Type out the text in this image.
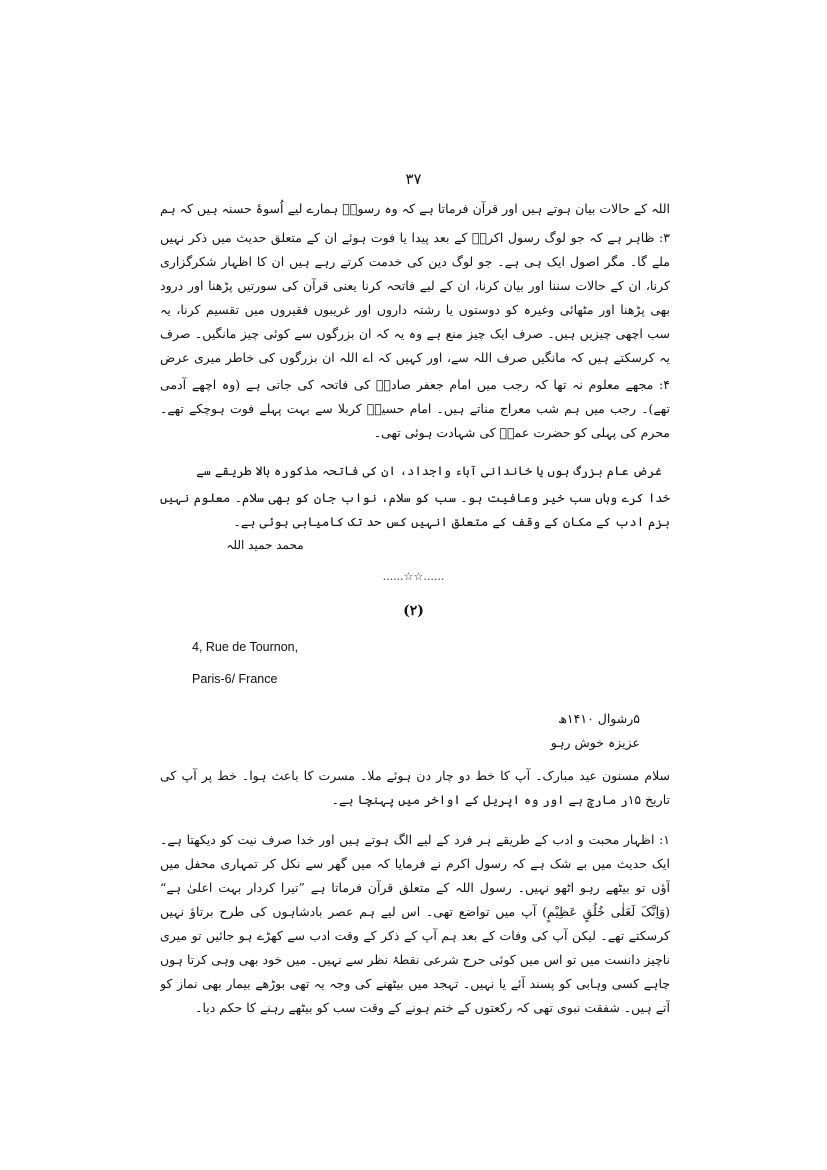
۳۷
اللہ کے حالات بیان ہوتے ہیں اور قرآن فرماتا ہے کہ وہ رسولؐ ہمارے لیے اُسوۂ حسنہ ہیں کہ ہم
۳: ظاہر ہے کہ جو لوگ رسول اکرمؐ کے بعد پیدا یا فوت ہوئے ان کے متعلق حدیث میں ذکر نہیں ملے گا۔ مگر اصول ایک ہی ہے۔ جو لوگ دین کی خدمت کرتے رہے ہیں ان کا اظہار شکرگزاری کرنا، ان کے حالات سننا اور بیان کرنا، ان کے لیے فاتحہ کرنا یعنی قرآن کی سورتیں پڑھنا اور درود بھی پڑھنا اور مٹھائی وغیرہ کو دوستوں یا رشتہ داروں اور غریبوں فقیروں میں تقسیم کرنا، یہ سب اچھی چیزیں ہیں۔ صرف ایک چیز منع ہے وہ یہ کہ ان بزرگوں سے کوئی چیز مانگیں۔ صرف یہ کرسکتے ہیں کہ مانگیں صرف اللہ سے، اور کہیں کہ اے اللہ ان بزرگوں کی خاطر میری عرض
۴: مجھے معلوم نہ تھا کہ رجب میں امام جعفر صادقؒ کی فاتحہ کی جاتی ہے (وہ اچھے آدمی تھے)۔ رجب میں ہم شب معراج مناتے ہیں۔ امام حسینؓ کربلا سے بہت پہلے فوت ہوچکے تھے۔ محرم کی پہلی کو حضرت عمرؓ کی شہادت ہوئی تھی۔
غرض عام بزرگ ہوں یا خاندانی آباء واجداد، ان کی فاتحہ مذکورہ بالا طریقے سے
خدا کرے وہاں سب خیر وعافیت ہو۔ سب کو سلام، نواب جان کو بھی سلام۔ معلوم نہیں بزم ادب کے مکان کے وقف کے متعلق انہیں کس حد تک کامیابی ہوئی ہے۔
محمد حمید اللہ
......☆☆......
(۲)
4, Rue de Tournon,
Paris-6/ France
۵رشوال ۱۴۱۰ھ
عزیزہ خوش رہو
سلام مسنون عید مبارک۔ آپ کا خط دو چار دن ہوئے ملا۔ مسرت کا باعث ہوا۔ خط پر آپ کی تاریخ ۱۵ر مارچ ہے اور وہ اپریل کے اواخر میں پہنچا ہے۔
۱: اظہار محبت و ادب کے طریقے ہر فرد کے لیے الگ ہوتے ہیں اور خدا صرف نیت کو دیکھتا ہے۔ ایک حدیث میں بے شک ہے کہ رسول اکرم نے فرمایا کہ میں گھر سے نکل کر تمہاری محفل میں آؤں تو بیٹھے رہو اٹھو نہیں۔ رسول اللہ کے متعلق قرآن فرماتا ہے ”تیرا کردار بہت اعلیٰ ہے“ (وَاِنَّکَ لَعَلٰی خُلُقٍ عَظِیْمٍ) آپ میں تواضع تھی۔ اس لیے ہم عصر بادشاہوں کی طرح برتاؤ نہیں کرسکتے تھے۔ لیکن آپ کی وفات کے بعد ہم آپ کے ذکر کے وقت ادب سے کھڑے ہو جائیں تو میری ناچیز دانست میں تو اس میں کوئی حرج شرعی نقطۂ نظر سے نہیں۔ میں خود بھی وہی کرتا ہوں چاہے کسی وہابی کو پسند آئے یا نہیں۔ تہجد میں بیٹھنے کی وجہ یہ تھی بوڑھے بیمار بھی نماز کو آتے ہیں۔ شفقت نبوی تھی کہ رکعتوں کے ختم ہونے کے وقت سب کو بیٹھے رہنے کا حکم دیا۔
